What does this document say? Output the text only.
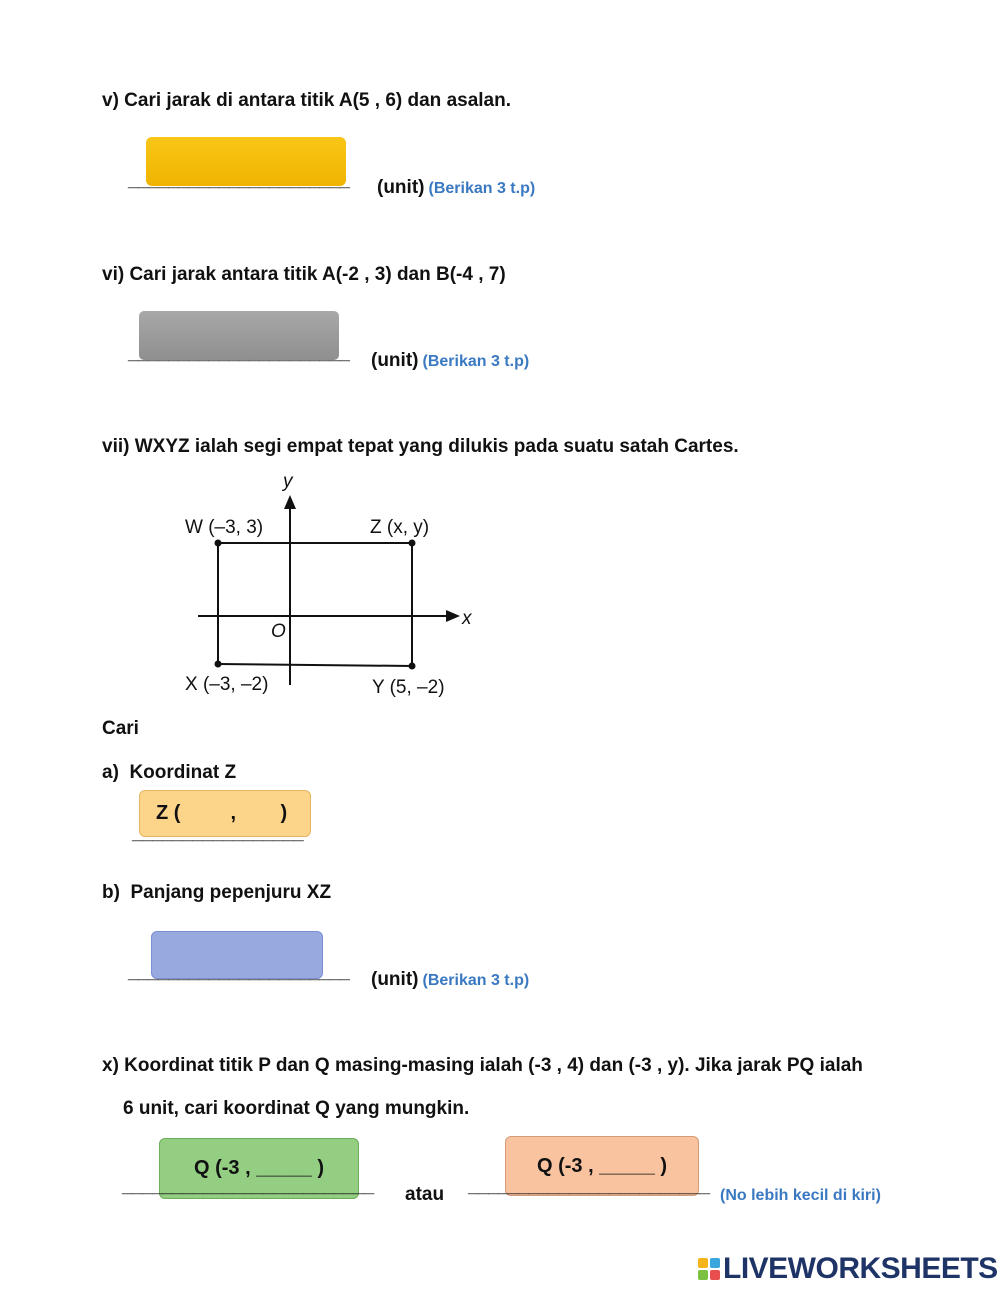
v) Cari jarak di antara titik A(5 , 6) dan asalan.
______________________ (unit) (Berikan 3 t.p)
vi) Cari jarak antara titik A(-2 , 3) dan B(-4 , 7)
______________________ (unit) (Berikan 3 t.p)
vii) WXYZ ialah segi empat tepat yang dilukis pada suatu satah Cartes.
y
x
O
W (–3, 3)	Z (x, y)
X (–3, –2)	Y (5, –2)
Cari
a)  Koordinat Z
Z (         ,        )
_________________
b)  Panjang pepenjuru XZ
______________________ (unit) (Berikan 3 t.p)
x) Koordinat titik P dan Q masing-masing ialah (-3 , 4) dan (-3 , y). Jika jarak PQ ialah
6 unit, cari koordinat Q yang mungkin.
Q (-3 , _____ )	Q (-3 , _____ )
_________________________ atau ________________________ (No lebih kecil di kiri)
LIVEWORKSHEETS
